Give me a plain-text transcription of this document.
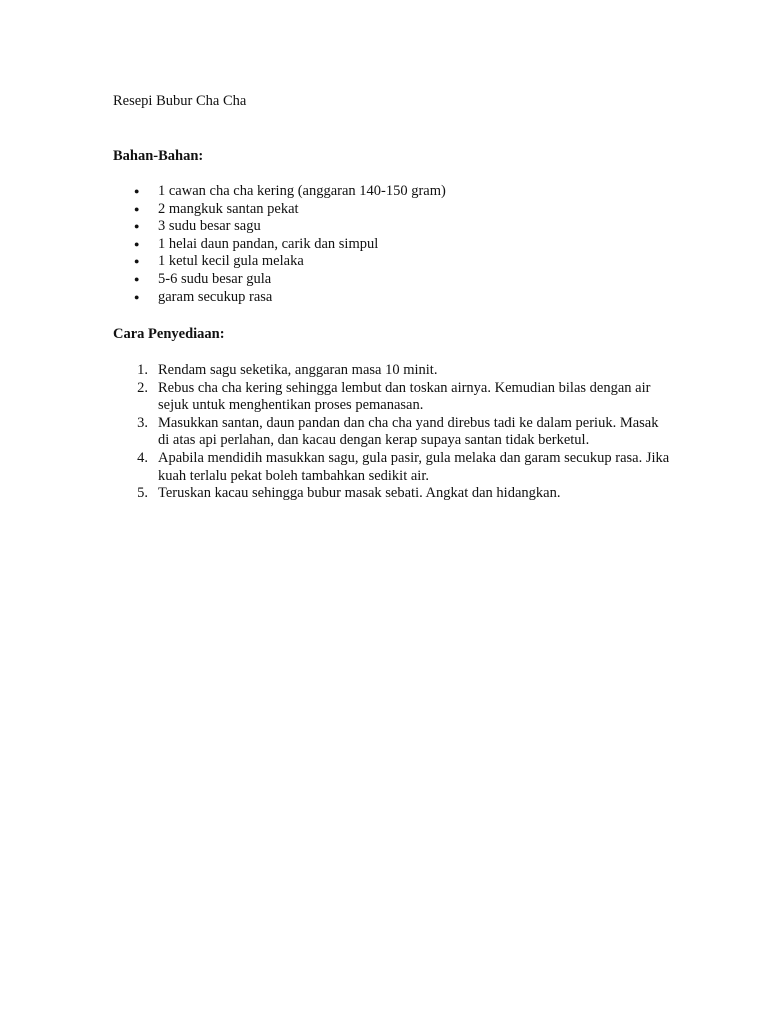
Resepi Bubur Cha Cha
Bahan-Bahan:
● 1 cawan cha cha kering (anggaran 140-150 gram)
● 2 mangkuk santan pekat
● 3 sudu besar sagu
● 1 helai daun pandan, carik dan simpul
● 1 ketul kecil gula melaka
● 5-6 sudu besar gula
● garam secukup rasa
Cara Penyediaan:
1. Rendam sagu seketika, anggaran masa 10 minit.
2. Rebus cha cha kering sehingga lembut dan toskan airnya. Kemudian bilas dengan air sejuk untuk menghentikan proses pemanasan.
3. Masukkan santan, daun pandan dan cha cha yand direbus tadi ke dalam periuk. Masak di atas api perlahan, dan kacau dengan kerap supaya santan tidak berketul.
4. Apabila mendidih masukkan sagu, gula pasir, gula melaka dan garam secukup rasa. Jika kuah terlalu pekat boleh tambahkan sedikit air.
5. Teruskan kacau sehingga bubur masak sebati. Angkat dan hidangkan.
